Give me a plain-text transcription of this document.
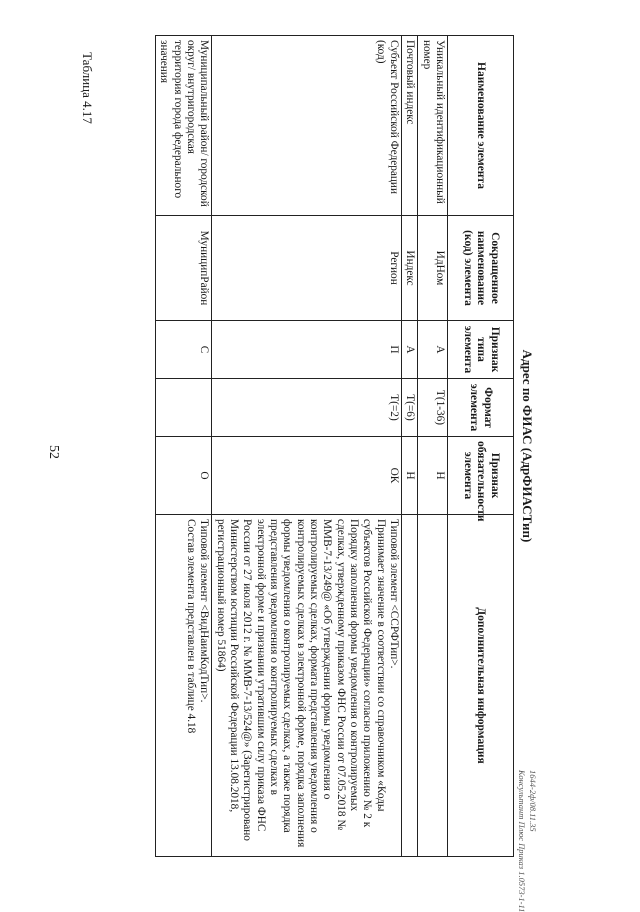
52
Таблица 4.17
Адрес по ФИАС (АдрФИАСТип)
Наименование элемента	Сокращенное наименование (код) элемента	Признак типа элемента	Формат элемента	Признак обязательности элемента	Дополнительная информация
Уникальный идентификационный номер	ИдНом	А	T(1-36)	Н	
Почтовый индекс	Индекс	А	T(=6)	Н	
Субъект Российской Федерации (код)	Регион	П	T(=2)	ОК	Типовой элемент <ССРФТип>.
Принимает значение в соответствии со справочником «Коды субъектов Российской Федерации» согласно приложению № 2 к Порядку заполнения формы уведомления о контролируемых сделках, утвержденному приказом ФНС России от 07.05.2018 № ММВ-7-13/249@ «Об утверждении формы уведомления о контролируемых сделках, формата представления уведомления о контролируемых сделках в электронной форме, порядка заполнения формы уведомления о контролируемых сделках, а также порядка представления уведомления о контролируемых сделках в электронной форме и признании утратившим силу приказа ФНС России от 27 июля 2012 г. № ММВ-7-13/524@» (Зарегистрировано Министерством юстиции Российской Федерации 13.08.2018, регистрационный номер 51864)

Муниципальный район/ городской округ/ внутригородская территория города федерального значения	МуниципРайон	С		О	Типовой элемент <ВидНаимКодТип>.
Состав элемента представлен в таблице 4.18
1644-2ф/08.11.35
Консультант Плюс Приказ 1.0573-1-11
